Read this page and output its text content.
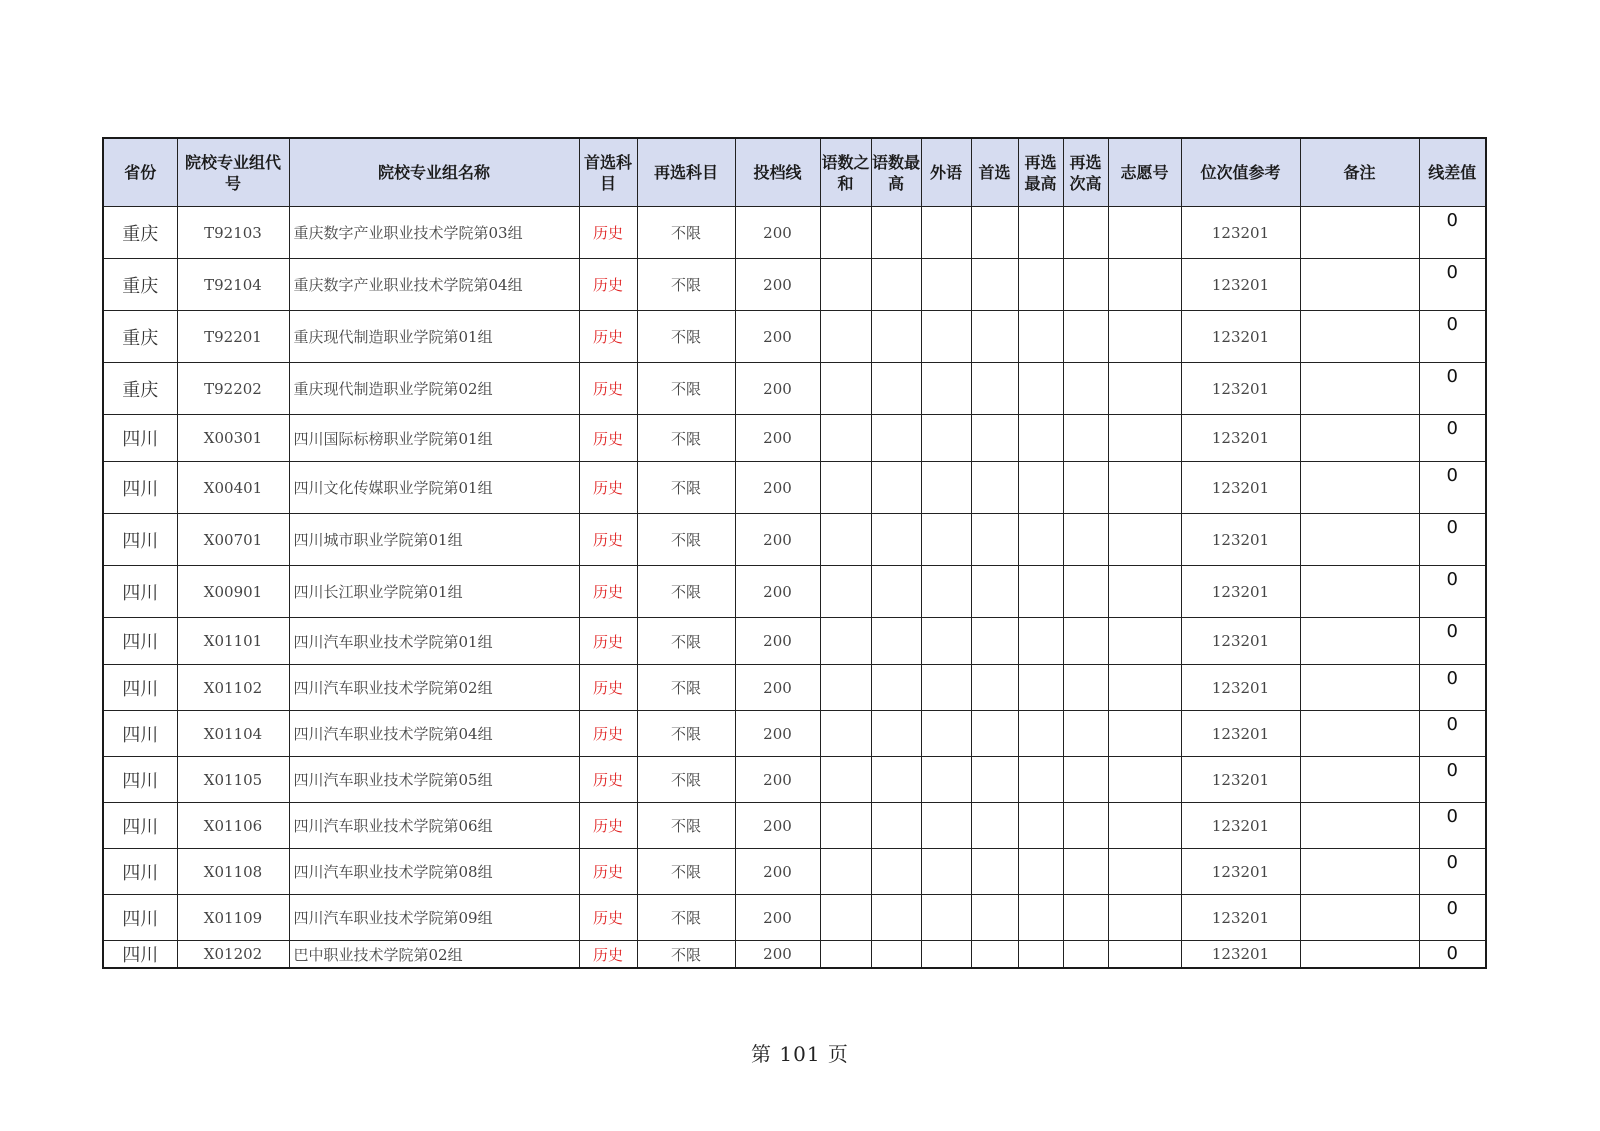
省份	院校专业组代号	院校专业组名称	首选科目	再选科目	投档线	语数之和	语数最高	外语	首选	再选最高	再选次高	志愿号	位次值参考	备注	线差值
重庆	T92103	重庆数字产业职业技术学院第03组	历史	不限	200								123201		0
重庆	T92104	重庆数字产业职业技术学院第04组	历史	不限	200								123201		0
重庆	T92201	重庆现代制造职业学院第01组	历史	不限	200								123201		0
重庆	T92202	重庆现代制造职业学院第02组	历史	不限	200								123201		0
四川	X00301	四川国际标榜职业学院第01组	历史	不限	200								123201		0
四川	X00401	四川文化传媒职业学院第01组	历史	不限	200								123201		0
四川	X00701	四川城市职业学院第01组	历史	不限	200								123201		0
四川	X00901	四川长江职业学院第01组	历史	不限	200								123201		0
四川	X01101	四川汽车职业技术学院第01组	历史	不限	200								123201		0
四川	X01102	四川汽车职业技术学院第02组	历史	不限	200								123201		0
四川	X01104	四川汽车职业技术学院第04组	历史	不限	200								123201		0
四川	X01105	四川汽车职业技术学院第05组	历史	不限	200								123201		0
四川	X01106	四川汽车职业技术学院第06组	历史	不限	200								123201		0
四川	X01108	四川汽车职业技术学院第08组	历史	不限	200								123201		0
四川	X01109	四川汽车职业技术学院第09组	历史	不限	200								123201		0
四川	X01202	巴中职业技术学院第02组	历史	不限	200								123201		0
第 101 页
